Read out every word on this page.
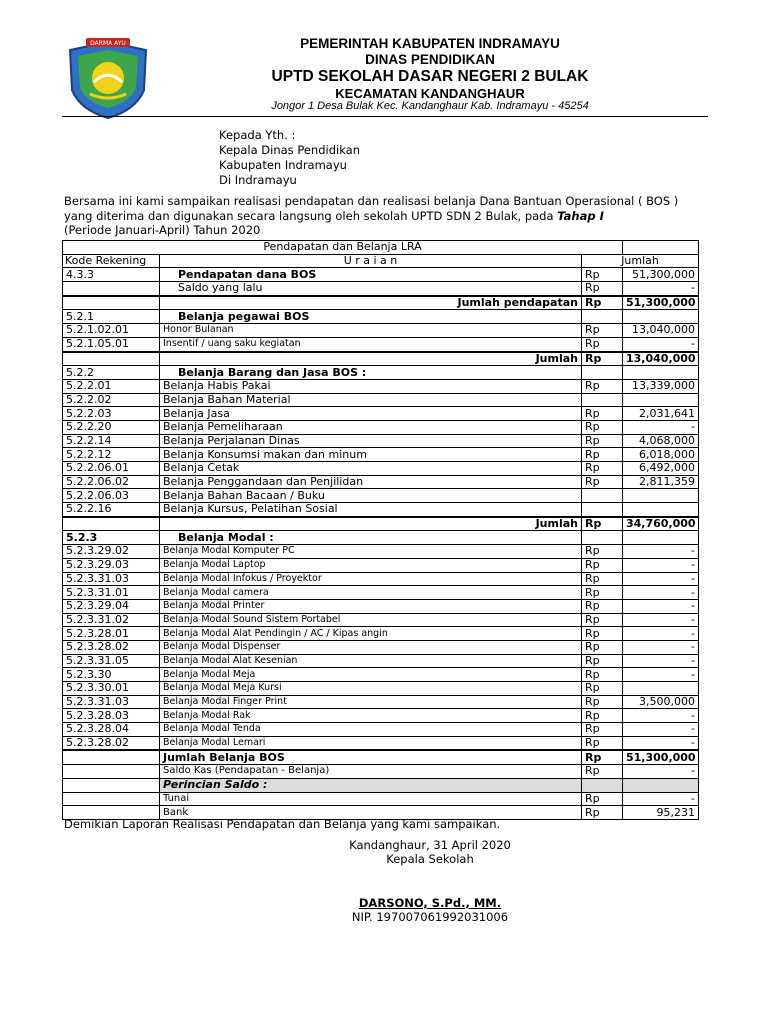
DARMA AYU	PEMERINTAH KABUPATEN INDRAMAYU
DINAS PENDIDIKAN
UPTD SEKOLAH DASAR NEGERI 2 BULAK
KECAMATAN KANDANGHAUR
Jongor 1 Desa Bulak Kec. Kandanghaur Kab. Indramayu - 45254
Kepada Yth. :
Kepala Dinas Pendidikan
Kabupaten Indramayu
Di Indramayu
Bersama ini kami sampaikan realisasi pendapatan dan realisasi belanja Dana Bantuan Operasional ( BOS )
yang diterima dan digunakan secara langsung oleh sekolah UPTD SDN 2 Bulak, pada Tahap I
(Periode Januari-April) Tahun 2020
Pendapatan dan Belanja LRA			
Kode Rekening	U r a i a n	Jumlah	
4.3.3	Pendapatan dana BOS	Rp	51,300,000
	Saldo yang lalu	Rp	-
	Jumlah pendapatan	Rp	51,300,000
5.2.1	Belanja pegawai BOS		
5.2.1.02.01	Honor Bulanan	Rp	13,040,000
5.2.1.05.01	Insentif / uang saku kegiatan	Rp	-
	Jumlah	Rp	13,040,000
5.2.2	Belanja Barang dan Jasa BOS :		
5.2.2.01	Belanja Habis Pakai	Rp	13,339,000
5.2.2.02	Belanja Bahan Material		
5.2.2.03	Belanja Jasa	Rp	2,031,641
5.2.2.20	Belanja Pemeliharaan	Rp	-
5.2.2.14	Belanja Perjalanan Dinas	Rp	4,068,000
5.2.2.12	Belanja Konsumsi makan dan minum	Rp	6,018,000
5.2.2.06.01	Belanja Cetak	Rp	6,492,000
5.2.2.06.02	Belanja Penggandaan dan Penjilidan	Rp	2,811,359
5.2.2.06.03	Belanja Bahan Bacaan / Buku		
5.2.2.16	Belanja Kursus, Pelatihan Sosial		
	Jumlah	Rp	34,760,000
5.2.3	Belanja Modal :		
5.2.3.29.02	Belanja Modal Komputer PC	Rp	-
5.2.3.29.03	Belanja Modal Laptop	Rp	-
5.2.3.31.03	Belanja Modal Infokus / Proyektor	Rp	-
5.2.3.31.01	Belanja Modal camera	Rp	-
5.2.3.29.04	Belanja Modal Printer	Rp	-
5.2.3.31.02	Belanja Modal Sound Sistem Portabel	Rp	-
5.2.3.28.01	Belanja Modal Alat Pendingin / AC / Kipas angin	Rp	-
5.2.3.28.02	Belanja Modal Dispenser	Rp	-
5.2.3.31.05	Belanja Modal Alat Kesenian	Rp	-
5.2.3.30	Belanja Modal Meja	Rp	-
5.2.3.30.01	Belanja Modal Meja Kursi	Rp	
5.2.3.31.03	Belanja Modal Finger Print	Rp	3,500,000
5.2.3.28.03	Belanja Modal Rak	Rp	-
5.2.3.28.04	Belanja Modal Tenda	Rp	-
5.2.3.28.02	Belanja Modal Lemari	Rp	-
	Jumlah Belanja BOS	Rp	51,300,000
	Saldo Kas (Pendapatan - Belanja)	Rp	-
	Perincian Saldo :		
	Tunai	Rp	-
	Bank	Rp	95,231
Demikian Laporan Realisasi Pendapatan dan Belanja yang kami sampaikan.
Kandanghaur, 31 April 2020
Kepala Sekolah
DARSONO, S.Pd., MM.
NIP. 197007061992031006
